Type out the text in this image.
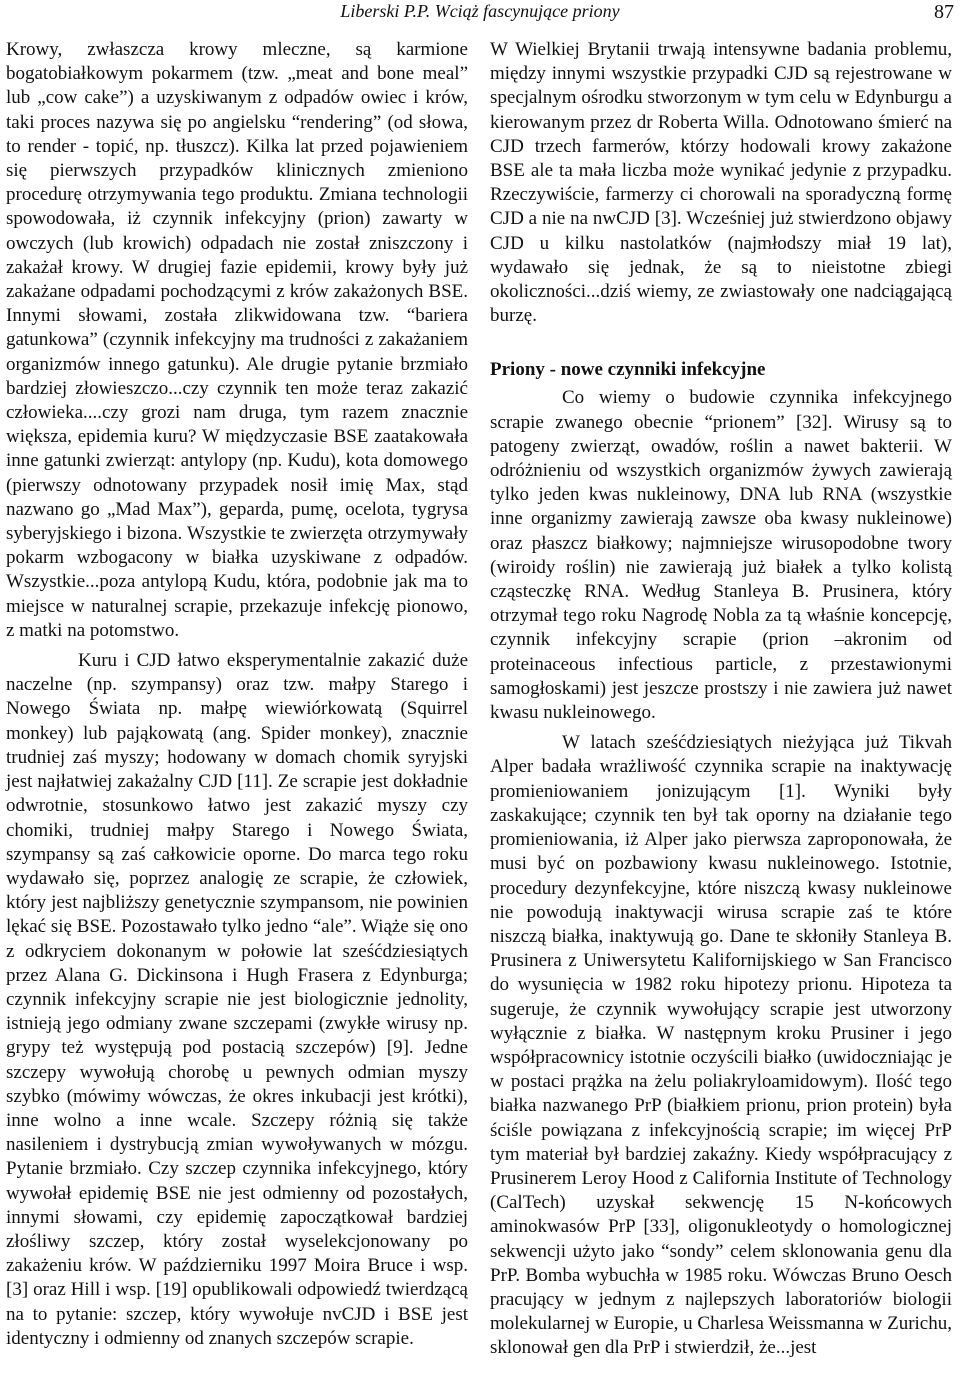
Liberski P.P. Wciąż fascynujące priony	87

Krowy, zwłaszcza krowy mleczne, są karmione bogatobiałkowym pokarmem (tzw. „meat and bone meal” lub „cow cake”) a uzyskiwanym z odpadów owiec i krów, taki proces nazywa się po angielsku “rendering” (od słowa, to render - topić, np. tłuszcz). Kilka lat przed pojawieniem się pierwszych przypadków klinicznych zmieniono procedurę otrzymywania tego produktu. Zmiana technologii spowodowała, iż czynnik infekcyjny (prion) zawarty w owczych (lub krowich) odpadach nie został zniszczony i zakażał krowy. W drugiej fazie epidemii, krowy były już zakażane odpadami pochodzącymi z krów zakażonych BSE. Innymi słowami, została zlikwidowana tzw. “bariera gatunkowa” (czynnik infekcyjny ma trudności z zakażaniem organizmów innego gatunku). Ale drugie pytanie brzmiało bardziej złowieszczo...czy czynnik ten może teraz zakazić człowieka....czy grozi nam druga, tym razem znacznie większa, epidemia kuru? W międzyczasie BSE zaatakowała inne gatunki zwierząt: antylopy (np. Kudu), kota domowego (pierwszy odnotowany przypadek nosił imię Max, stąd nazwano go „Mad Max”), geparda, pumę, ocelota, tygrysa syberyjskiego i bizona. Wszystkie te zwierzęta otrzymywały pokarm wzbogacony w białka uzyskiwane z odpadów. Wszystkie...poza antylopą Kudu, która, podobnie jak ma to miejsce w naturalnej scrapie, przekazuje infekcję pionowo, z matki na potomstwo.

Kuru i CJD łatwo eksperymentalnie zakazić duże naczelne (np. szympansy) oraz tzw. małpy Starego i Nowego Świata np. małpę wiewiórkowatą (Squirrel monkey) lub pająkowatą (ang. Spider monkey), znacznie trudniej zaś myszy; hodowany w domach chomik syryjski jest najłatwiej zakażalny CJD [11]. Ze scrapie jest dokładnie odwrotnie, stosunkowo łatwo jest zakazić myszy czy chomiki, trudniej małpy Starego i Nowego Świata, szympansy są zaś całkowicie oporne. Do marca tego roku wydawało się, poprzez analogię ze scrapie, że człowiek, który jest najbliższy genetycznie szympansom, nie powinien lękać się BSE. Pozostawało tylko jedno “ale”. Wiąże się ono z odkryciem dokonanym w połowie lat sześćdziesiątych przez Alana G. Dickinsona i Hugh Frasera z Edynburga; czynnik infekcyjny scrapie nie jest biologicznie jednolity, istnieją jego odmiany zwane szczepami (zwykłe wirusy np. grypy też występują pod postacią szczepów) [9]. Jedne szczepy wywołują chorobę u pewnych odmian myszy szybko (mówimy wówczas, że okres inkubacji jest krótki), inne wolno a inne wcale. Szczepy różnią się także nasileniem i dystrybucją zmian wywoływanych w mózgu. Pytanie brzmiało. Czy szczep czynnika infekcyjnego, który wywołał epidemię BSE nie jest odmienny od pozostałych, innymi słowami, czy epidemię zapoczątkował bardziej złośliwy szczep, który został wyselekcjonowany po zakażeniu krów. W październiku 1997 Moira Bruce i wsp. [3] oraz Hill i wsp. [19] opublikowali odpowiedź twierdzącą na to pytanie: szczep, który wywołuje nvCJD i BSE jest identyczny i odmienny od znanych szczepów scrapie.

W Wielkiej Brytanii trwają intensywne badania problemu, między innymi wszystkie przypadki CJD są rejestrowane w specjalnym ośrodku stworzonym w tym celu w Edynburgu a kierowanym przez dr Roberta Willa. Odnotowano śmierć na CJD trzech farmerów, którzy hodowali krowy zakażone BSE ale ta mała liczba może wynikać jedynie z przypadku. Rzeczywiście, farmerzy ci chorowali na sporadyczną formę CJD a nie na nwCJD [3]. Wcześniej już stwierdzono objawy CJD u kilku nastolatków (najmłodszy miał 19 lat), wydawało się jednak, że są to nieistotne zbiegi okoliczności...dziś wiemy, ze zwiastowały one nadciągającą burzę.

Priony - nowe czynniki infekcyjne

Co wiemy o budowie czynnika infekcyjnego scrapie zwanego obecnie “prionem” [32]. Wirusy są to patogeny zwierząt, owadów, roślin a nawet bakterii. W odróżnieniu od wszystkich organizmów żywych zawierają tylko jeden kwas nukleinowy, DNA lub RNA (wszystkie inne organizmy zawierają zawsze oba kwasy nukleinowe) oraz płaszcz białkowy; najmniejsze wirusopodobne twory (wiroidy roślin) nie zawierają już białek a tylko kolistą cząsteczkę RNA. Według Stanleya B. Prusinera, który otrzymał tego roku Nagrodę Nobla za tą właśnie koncepcję, czynnik infekcyjny scrapie (prion –akronim od proteinaceous infectious particle, z przestawionymi samogłoskami) jest jeszcze prostszy i nie zawiera już nawet kwasu nukleinowego.

W latach sześćdziesiątych nieżyjąca już Tikvah Alper badała wrażliwość czynnika scrapie na inaktywację promieniowaniem jonizującym [1]. Wyniki były zaskakujące; czynnik ten był tak oporny na działanie tego promieniowania, iż Alper jako pierwsza zaproponowała, że musi być on pozbawiony kwasu nukleinowego. Istotnie, procedury dezynfekcyjne, które niszczą kwasy nukleinowe nie powodują inaktywacji wirusa scrapie zaś te które niszczą białka, inaktywują go. Dane te skłoniły Stanleya B. Prusinera z Uniwersytetu Kalifornijskiego w San Francisco do wysunięcia w 1982 roku hipotezy prionu. Hipoteza ta sugeruje, że czynnik wywołujący scrapie jest utworzony wyłącznie z białka. W następnym kroku Prusiner i jego współpracownicy istotnie oczyścili białko (uwidoczniając je w postaci prążka na żelu poliakryloamidowym). Ilość tego białka nazwanego PrP (białkiem prionu, prion protein) była ściśle powiązana z infekcyjnością scrapie; im więcej PrP tym materiał był bardziej zakaźny. Kiedy współpracujący z Prusinerem Leroy Hood z California Institute of Technology (CalTech) uzyskał sekwencję 15 N-końcowych aminokwasów PrP [33], oligonukleotydy o homologicznej sekwencji użyto jako “sondy” celem sklonowania genu dla PrP. Bomba wybuchła w 1985 roku. Wówczas Bruno Oesch pracujący w jednym z najlepszych laboratoriów biologii molekularnej w Europie, u Charlesa Weissmanna w Zurichu, sklonował gen dla PrP i stwierdził, że...jest
